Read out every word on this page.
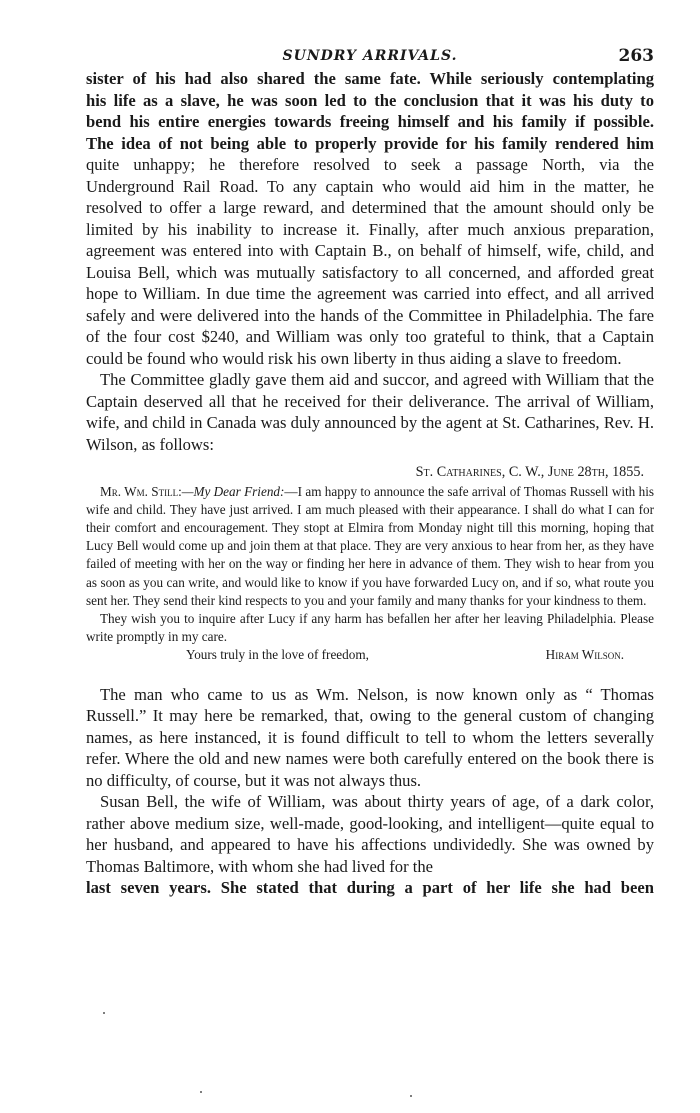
SUNDRY ARRIVALS.	263

sister of his had also shared the same fate. While seriously contemplating

his life as a slave, he was soon led to the conclusion that it was his duty to

bend his entire energies towards freeing himself and his family if possible.

The idea of not being able to properly provide for his family rendered him

quite unhappy; he therefore resolved to seek a passage North, via the

Underground Rail Road. To any captain who would aid him in the matter, he resolved to offer a large reward, and determined that the amount should only be limited by his inability to increase it. Finally, after much anxious preparation, agreement was entered into with Captain B., on behalf of himself, wife, child, and Louisa Bell, which was mutually satisfactory to all concerned, and afforded great hope to William. In due time the agreement was carried into effect, and all arrived safely and were delivered into the hands of the Committee in Philadelphia. The fare of the four cost $240, and William was only too grateful to think, that a Captain could be found who would risk his own liberty in thus aiding a slave to freedom.

The Committee gladly gave them aid and succor, and agreed with William that the Captain deserved all that he received for their deliverance. The arrival of William, wife, and child in Canada was duly announced by the agent at St. Catharines, Rev. H. Wilson, as follows:

St. Catharines, C. W., June 28th, 1855.

Mr. Wm. Still:—My Dear Friend:—I am happy to announce the safe arrival of Thomas Russell with his wife and child. They have just arrived. I am much pleased with their appearance. I shall do what I can for their comfort and encouragement. They stopt at Elmira from Monday night till this morning, hoping that Lucy Bell would come up and join them at that place. They are very anxious to hear from her, as they have failed of meeting with her on the way or finding her here in advance of them. They wish to hear from you as soon as you can write, and would like to know if you have forwarded Lucy on, and if so, what route you sent her. They send their kind respects to you and your family and many thanks for your kindness to them.

They wish you to inquire after Lucy if any harm has befallen her after her leaving Philadelphia. Please write promptly in my care.

Yours truly in the love of freedom,	Hiram Wilson.

The man who came to us as Wm. Nelson, is now known only as “ Thomas Russell.” It may here be remarked, that, owing to the general custom of changing names, as here instanced, it is found difficult to tell to whom the letters severally refer. Where the old and new names were both carefully entered on the book there is no difficulty, of course, but it was not always thus.

Susan Bell, the wife of William, was about thirty years of age, of a dark color, rather above medium size, well-made, good-looking, and intelligent—quite equal to her husband, and appeared to have his affections undividedly. She was owned by Thomas Baltimore, with whom she had lived for the

last seven years. She stated that during a part of her life she had been
